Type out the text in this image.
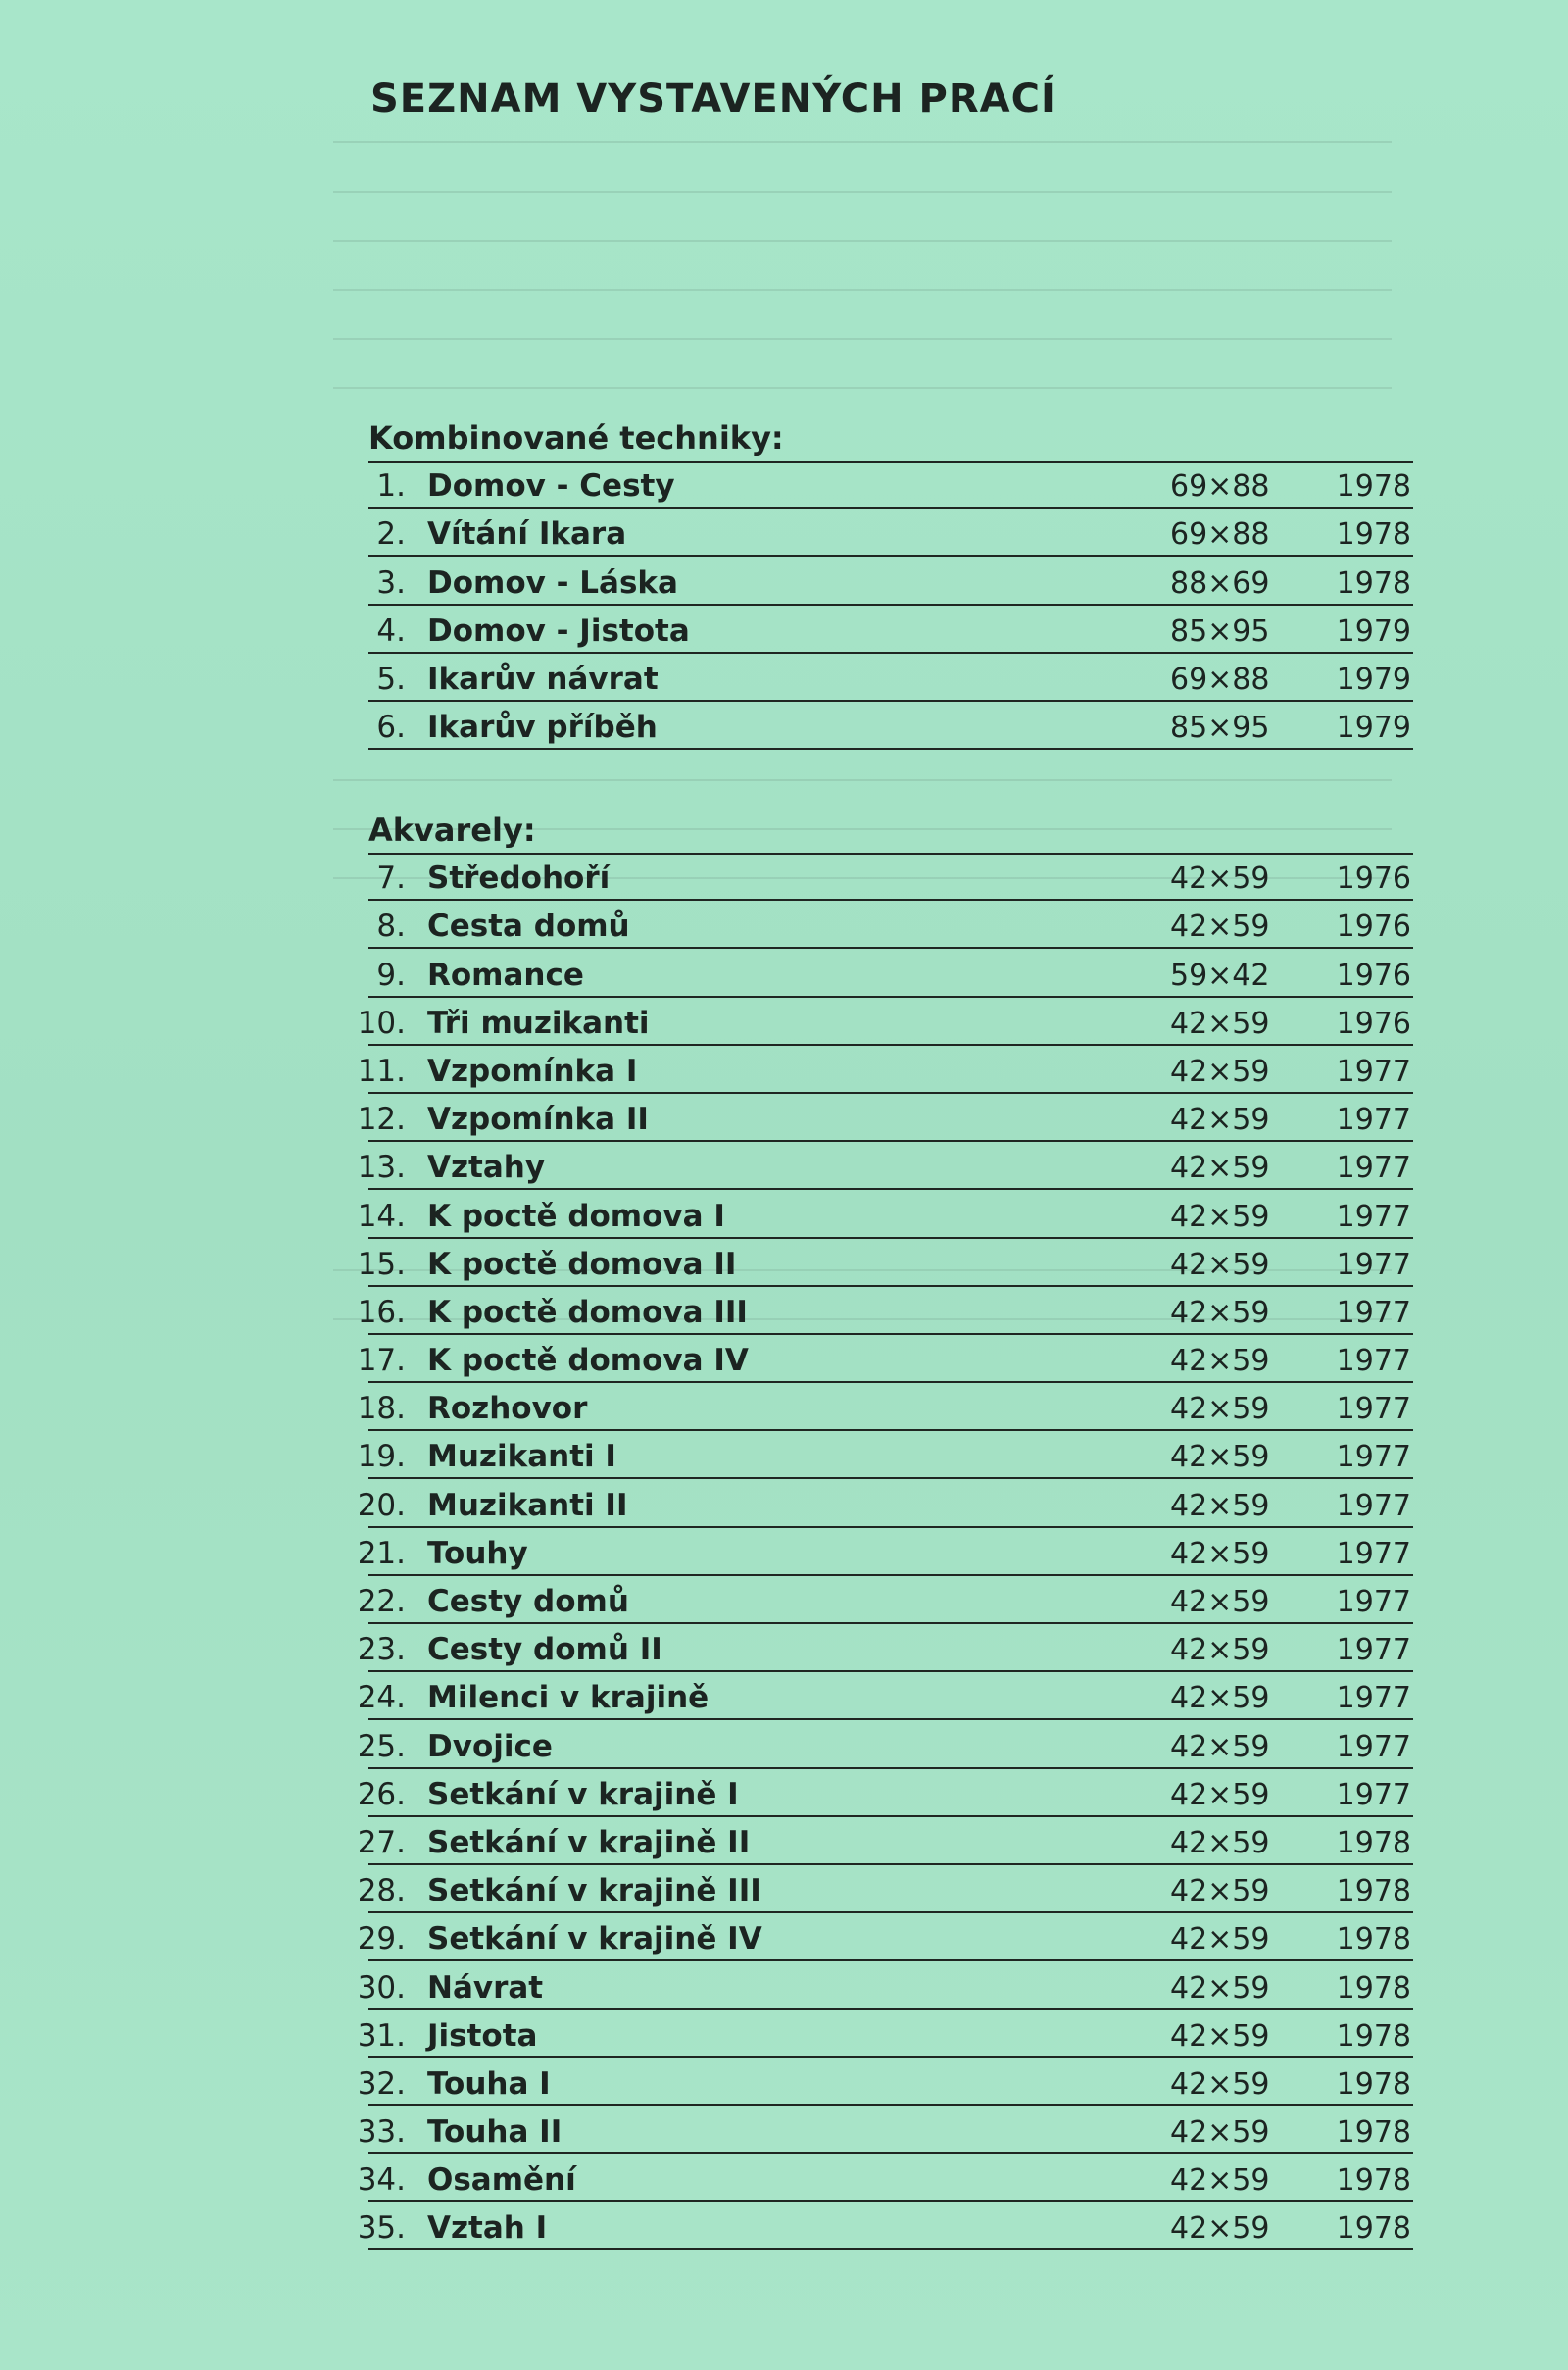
SEZNAM VYSTAVENÝCH PRACÍ
Kombinované techniky:
1. Domov - Cesty	69×88 1978
2. Vítání Ikara	69×88 1978
3. Domov - Láska	88×69 1978
4. Domov - Jistota	85×95 1979
5. Ikarův návrat	69×88 1979
6. Ikarův příběh	85×95 1979
Akvarely:
7. Středohoří	42×59 1976
8. Cesta domů	42×59 1976
9. Romance	59×42 1976
10. Tři muzikanti	42×59 1976
11. Vzpomínka I	42×59 1977
12. Vzpomínka II	42×59 1977
13. Vztahy	42×59 1977
14. K poctě domova I	42×59 1977
15. K poctě domova II	42×59 1977
16. K poctě domova III	42×59 1977
17. K poctě domova IV	42×59 1977
18. Rozhovor	42×59 1977
19. Muzikanti I	42×59 1977
20. Muzikanti II	42×59 1977
21. Touhy	42×59 1977
22. Cesty domů	42×59 1977
23. Cesty domů II	42×59 1977
24. Milenci v krajině	42×59 1977
25. Dvojice	42×59 1977
26. Setkání v krajině I	42×59 1977
27. Setkání v krajině II	42×59 1978
28. Setkání v krajině III	42×59 1978
29. Setkání v krajině IV	42×59 1978
30. Návrat	42×59 1978
31. Jistota	42×59 1978
32. Touha I	42×59 1978
33. Touha II	42×59 1978
34. Osamění	42×59 1978
35. Vztah I	42×59 1978
